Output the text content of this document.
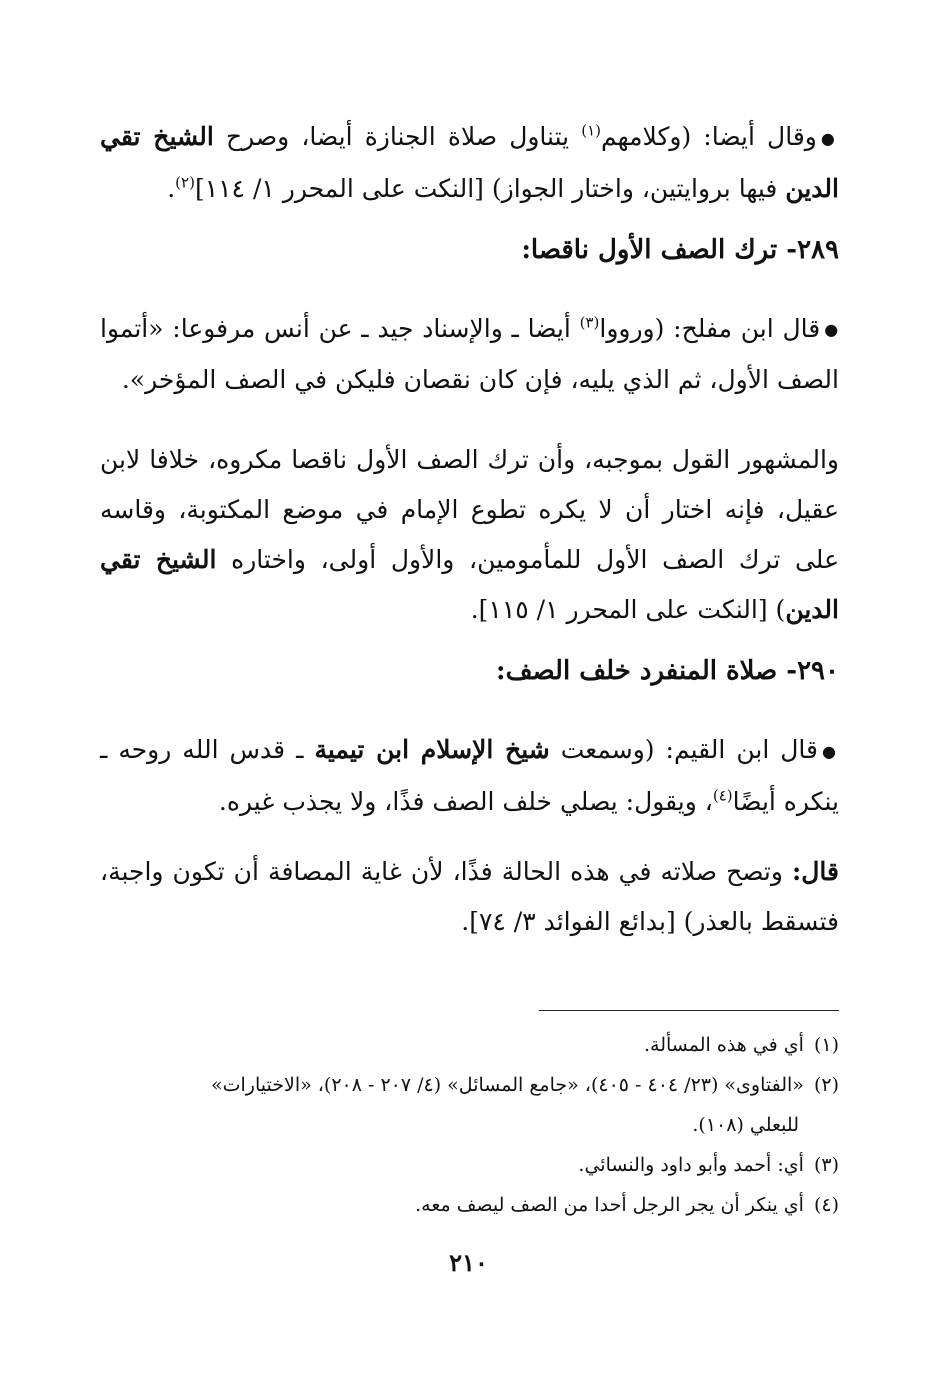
●وقال أيضا: (وكلامهم$^{(١)}$ يتناول صلاة الجنازة أيضا، وصرح الشيخ تقي الدين فيها بروايتين، واختار الجواز) [النكت على المحرر ١/ ١١٤]$^{(٢)}$.

٢٨٩- ترك الصف الأول ناقصا:

●قال ابن مفلح: (ورووا$^{(٣)}$ أيضا ـ والإسناد جيد ـ عن أنس مرفوعا: «أتموا الصف الأول، ثم الذي يليه، فإن كان نقصان فليكن في الصف المؤخر».

والمشهور القول بموجبه، وأن ترك الصف الأول ناقصا مكروه، خلافا لابن عقيل، فإنه اختار أن لا يكره تطوع الإمام في موضع المكتوبة، وقاسه على ترك الصف الأول للمأمومين، والأول أولى، واختاره الشيخ تقي الدين) [النكت على المحرر ١/ ١١٥].

٢٩٠- صلاة المنفرد خلف الصف:

●قال ابن القيم: (وسمعت شيخ الإسلام ابن تيمية ـ قدس الله روحه ـ ينكره أيضًا$^{(٤)}$، ويقول: يصلي خلف الصف فذًا، ولا يجذب غيره.

قال: وتصح صلاته في هذه الحالة فذًا، لأن غاية المصافة أن تكون واجبة، فتسقط بالعذر) [بدائع الفوائد ٣/ ٧٤].

(١)أي في هذه المسألة.

(٢)«الفتاوى» (٢٣/ ٤٠٤ - ٤٠٥)، «جامع المسائل» (٤/ ٢٠٧ - ٢٠٨)، «الاختيارات»

للبعلي (١٠٨).

(٣)أي: أحمد وأبو داود والنسائي.

(٤)أي ينكر أن يجر الرجل أحدا من الصف ليصف معه.

٢١٠
